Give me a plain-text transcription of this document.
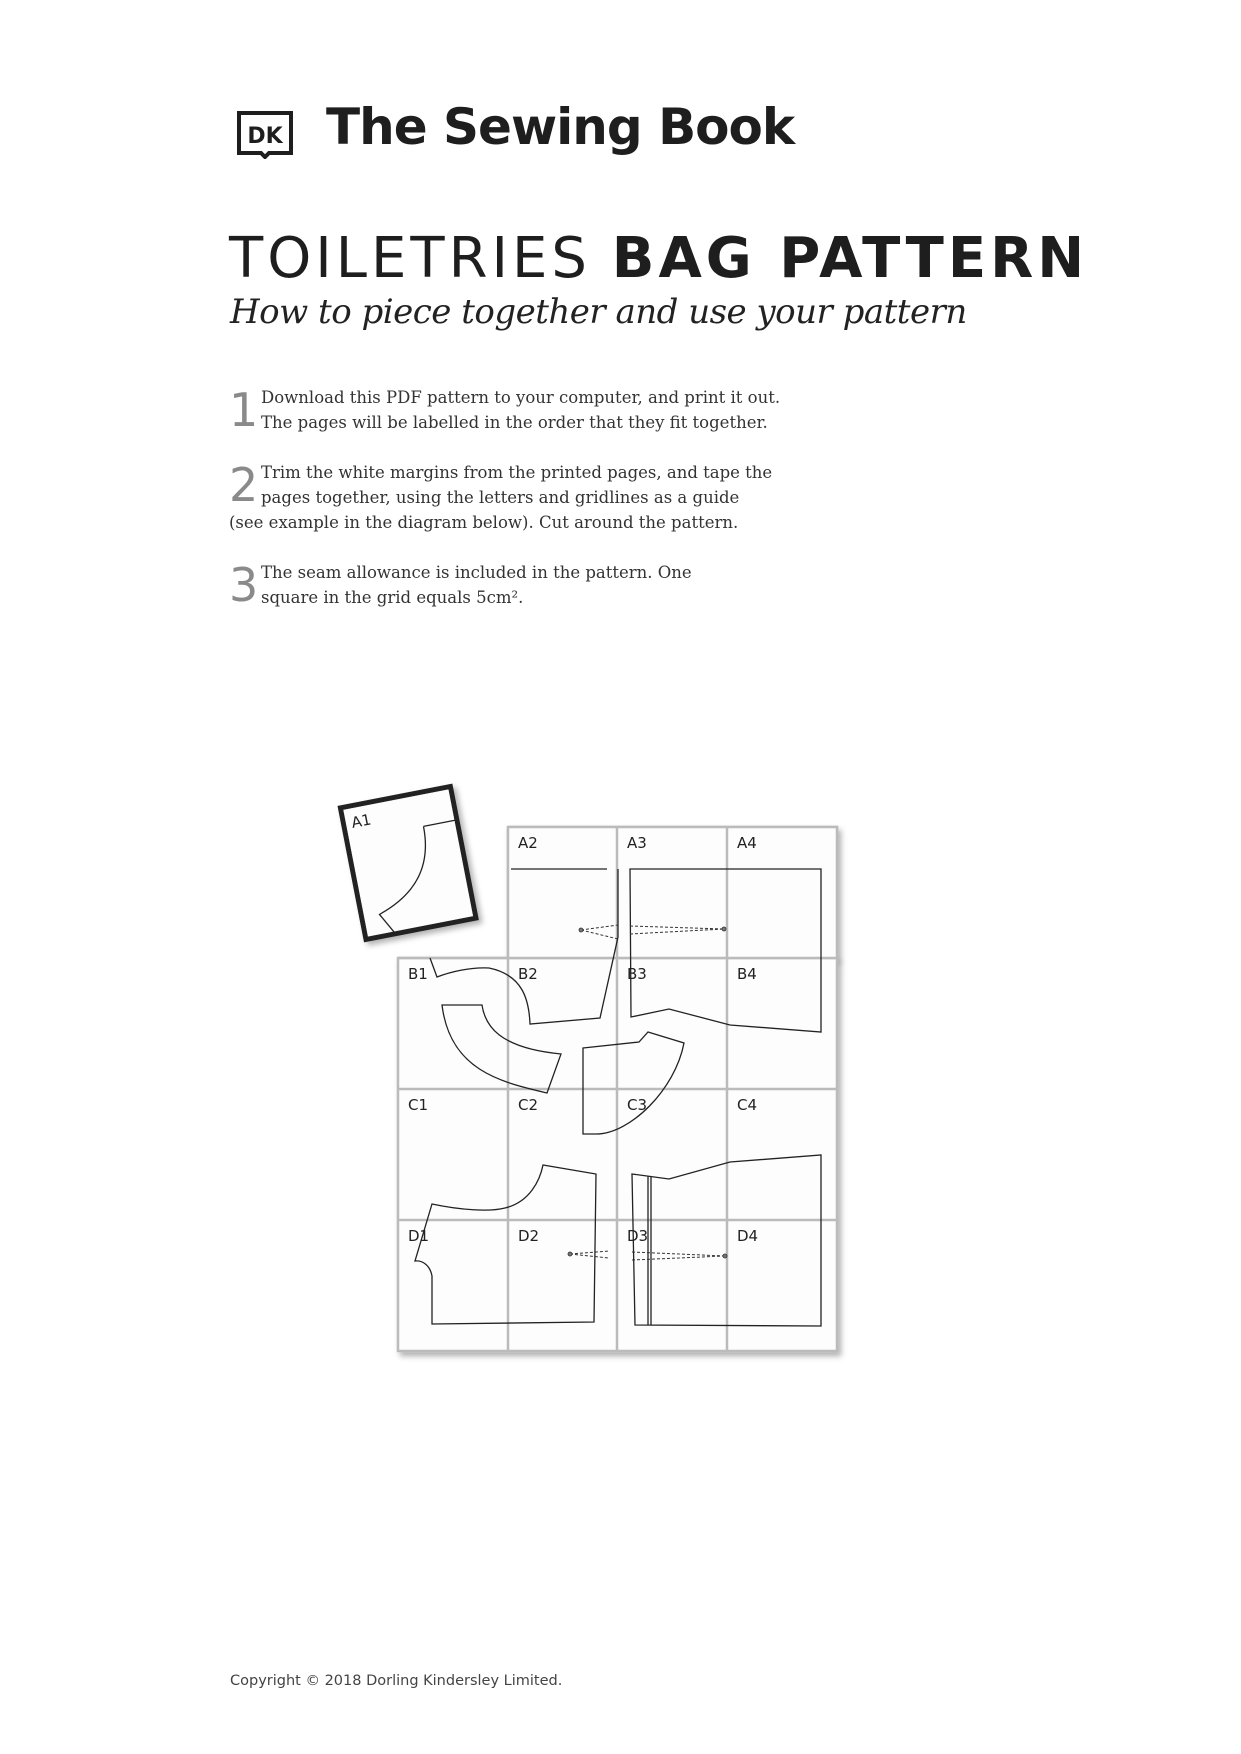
DK The Sewing Book
TOILETRIES BAG PATTERN
How to piece together and use your pattern
1 Download this PDF pattern to your computer, and print it out.
The pages will be labelled in the order that they fit together.
2 Trim the white margins from the printed pages, and tape the
pages together, using the letters and gridlines as a guide
(see example in the diagram below). Cut around the pattern.
3 The seam allowance is included in the pattern. One
square in the grid equals 5cm².
A2	A3	A4
B1	B2	B3	B4
C1	C2	C3	C4
D1	D2	D3	D4
A1
Copyright © 2018 Dorling Kindersley Limited.
